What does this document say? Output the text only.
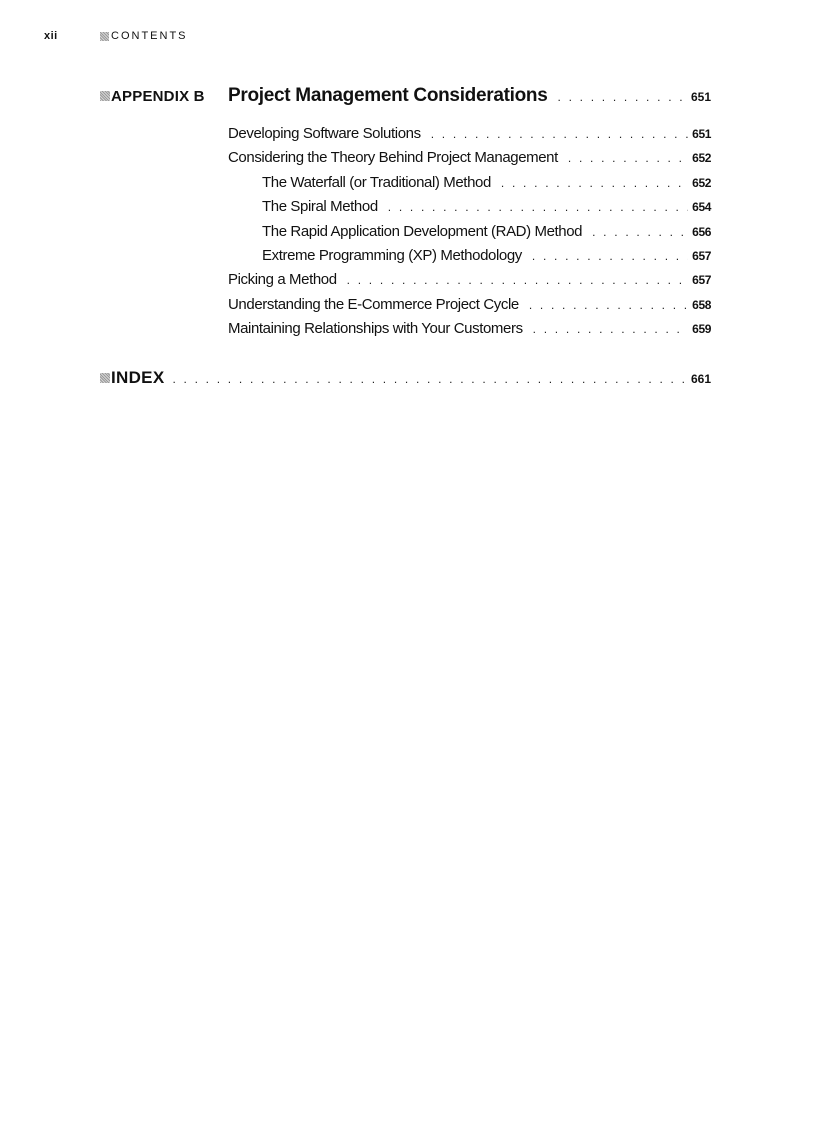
xii	CONTENTS
APPENDIX B	Project Management Considerations . . .	651
Developing Software Solutions . . .	651
Considering the Theory Behind Project Management . . .	652
The Waterfall (or Traditional) Method . . .	652
The Spiral Method . . .	654
The Rapid Application Development (RAD) Method . . .	656
Extreme Programming (XP) Methodology . . .	657
Picking a Method . . .	657
Understanding the E-Commerce Project Cycle . . .	658
Maintaining Relationships with Your Customers . . .	659
INDEX . . .	661
